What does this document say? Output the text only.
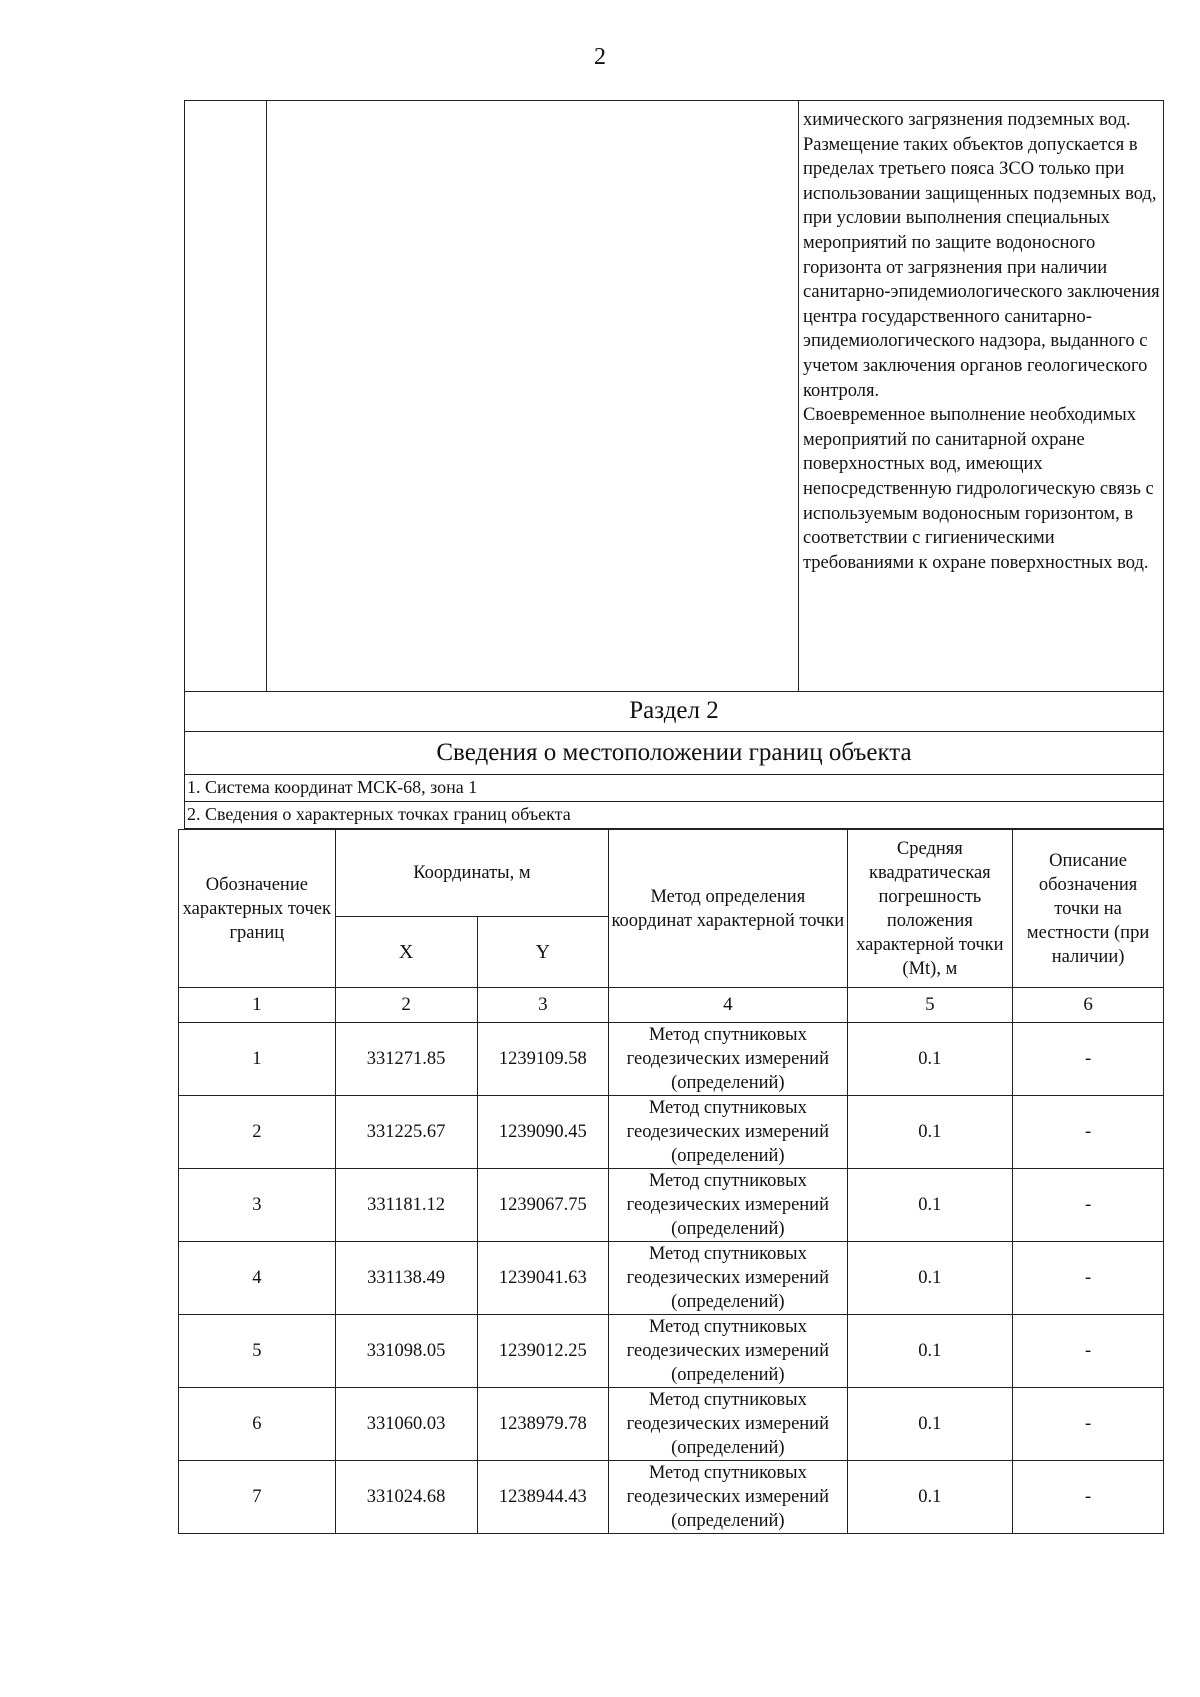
2

химического загрязнения подземных вод.

Размещение таких объектов допускается в пределах третьего пояса ЗСО только при использовании защищенных подземных вод, при условии выполнения специальных мероприятий по защите водоносного горизонта от загрязнения при наличии санитарно-эпидемиологического заключения центра государственного санитарно-эпидемиологического надзора, выданного с учетом заключения органов геологического контроля.

Своевременное выполнение необходимых мероприятий по санитарной охране поверхностных вод, имеющих непосредственную гидрологическую связь с используемым водоносным горизонтом, в соответствии с гигиеническими требованиями к охране поверхностных вод.

Раздел 2
Сведения о местоположении границ объекта
1. Система координат МСК-68, зона 1
2. Сведения о характерных точках границ объекта
Обозначение характерных точек границ	Координаты, м		Метод определения координат характерной точки	Средняя квадратическая погрешность положения характерной точки (Mt), м	Описание обозначения точки на местности (при наличии)
	X	Y			
1	2	3	4	5	6
1	331271.85	1239109.58	Метод спутниковых геодезических измерений (определений)	0.1	-
2	331225.67	1239090.45	Метод спутниковых геодезических измерений (определений)	0.1	-
3	331181.12	1239067.75	Метод спутниковых геодезических измерений (определений)	0.1	-
4	331138.49	1239041.63	Метод спутниковых геодезических измерений (определений)	0.1	-
5	331098.05	1239012.25	Метод спутниковых геодезических измерений (определений)	0.1	-
6	331060.03	1238979.78	Метод спутниковых геодезических измерений (определений)	0.1	-
7	331024.68	1238944.43	Метод спутниковых геодезических измерений (определений)	0.1	-
